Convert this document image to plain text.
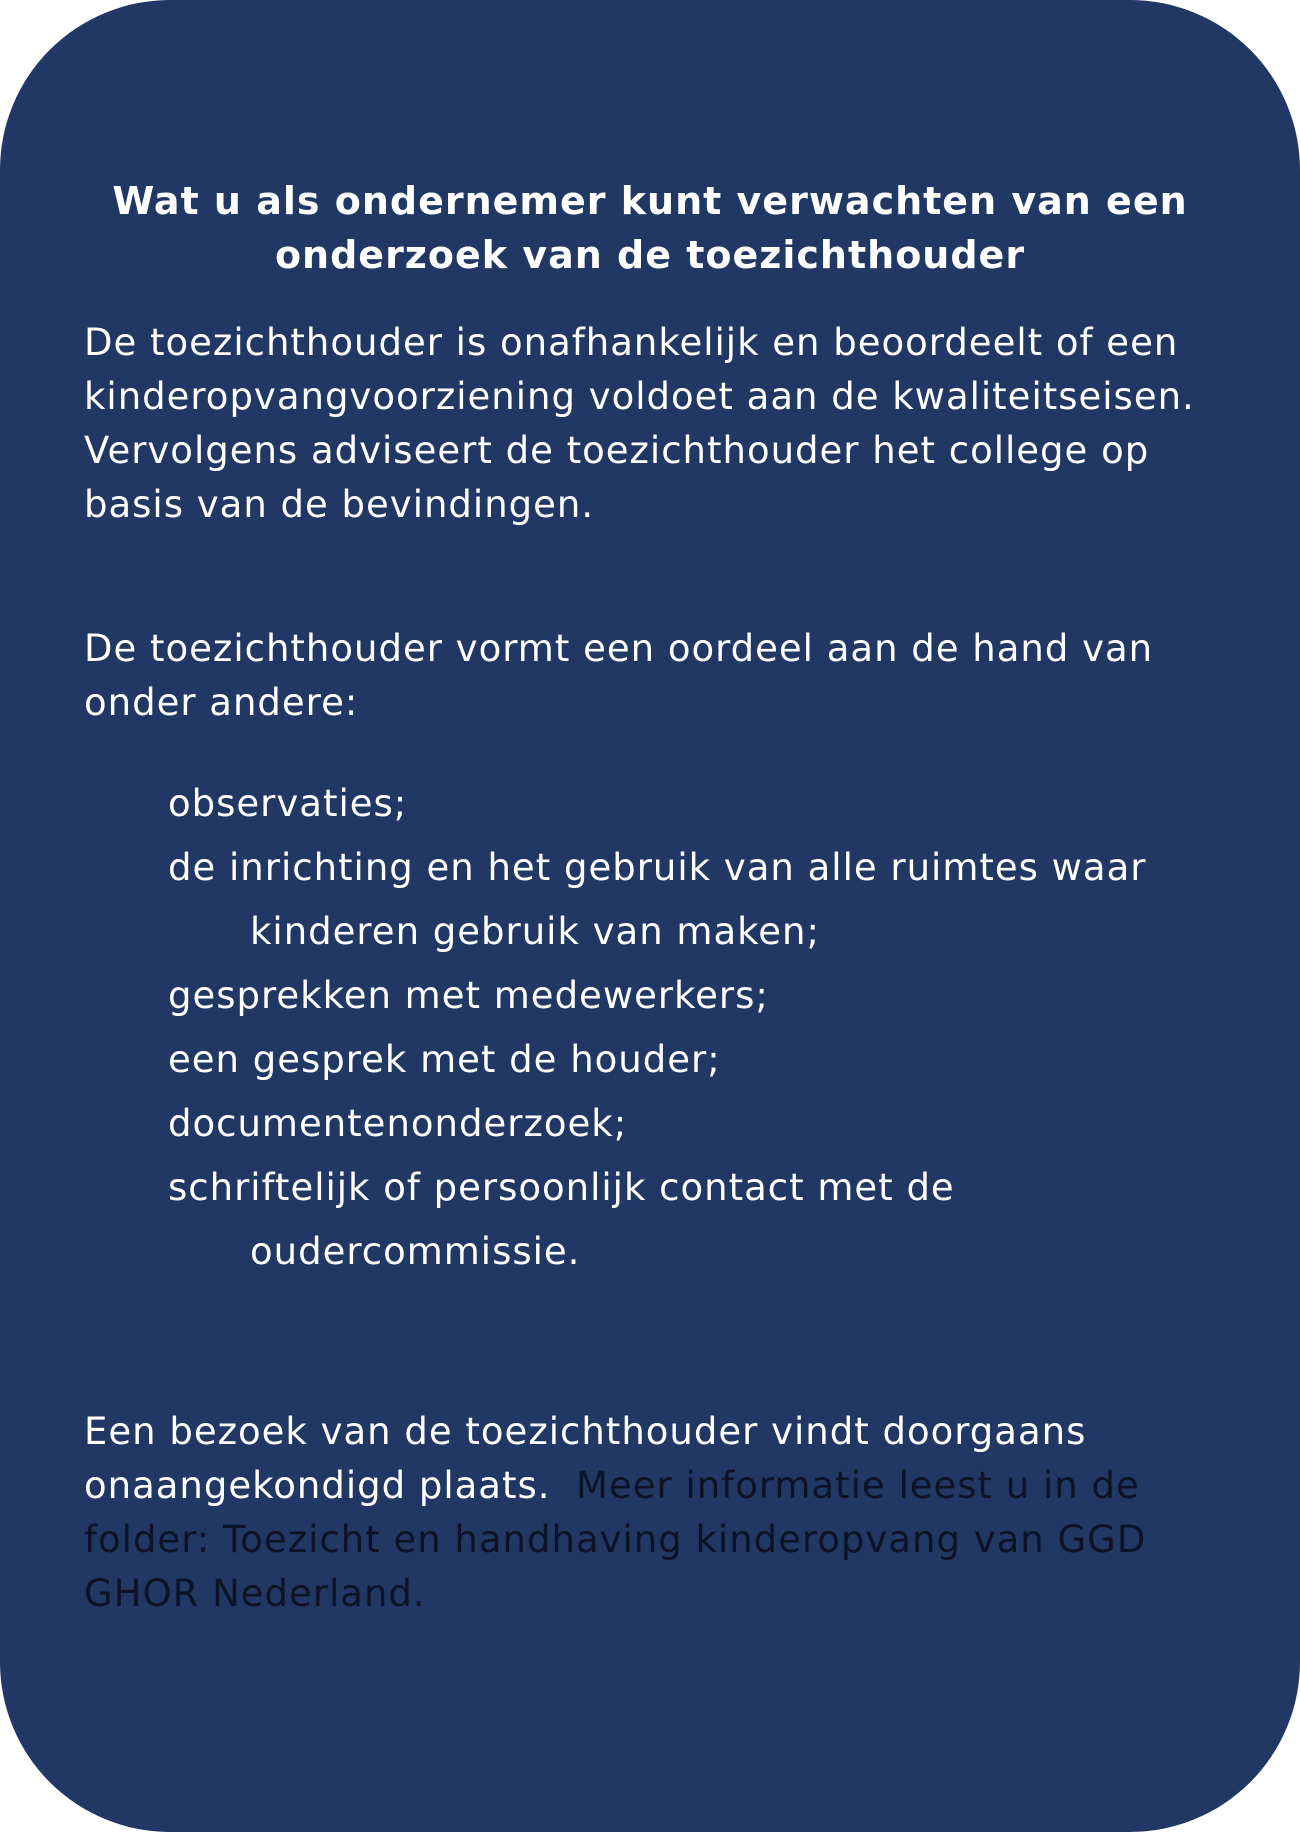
Wat u als ondernemer kunt verwachten van een
onderzoek van de toezichthouder

De toezichthouder is onafhankelijk en beoordeelt of een kinderopvangvoorziening voldoet aan de kwaliteitseisen. Vervolgens adviseert de toezichthouder het college op basis van de bevindingen.

De toezichthouder vormt een oordeel aan de hand van onder andere:

observaties;
de inrichting en het gebruik van alle ruimtes waar kinderen gebruik van maken;
gesprekken met medewerkers;
een gesprek met de houder;
documentenonderzoek;
schriftelijk of persoonlijk contact met de oudercommissie.

Een bezoek van de toezichthouder vindt doorgaans onaangekondigd plaats. Meer informatie leest u in de folder: Toezicht en handhaving kinderopvang van GGD GHOR Nederland.
